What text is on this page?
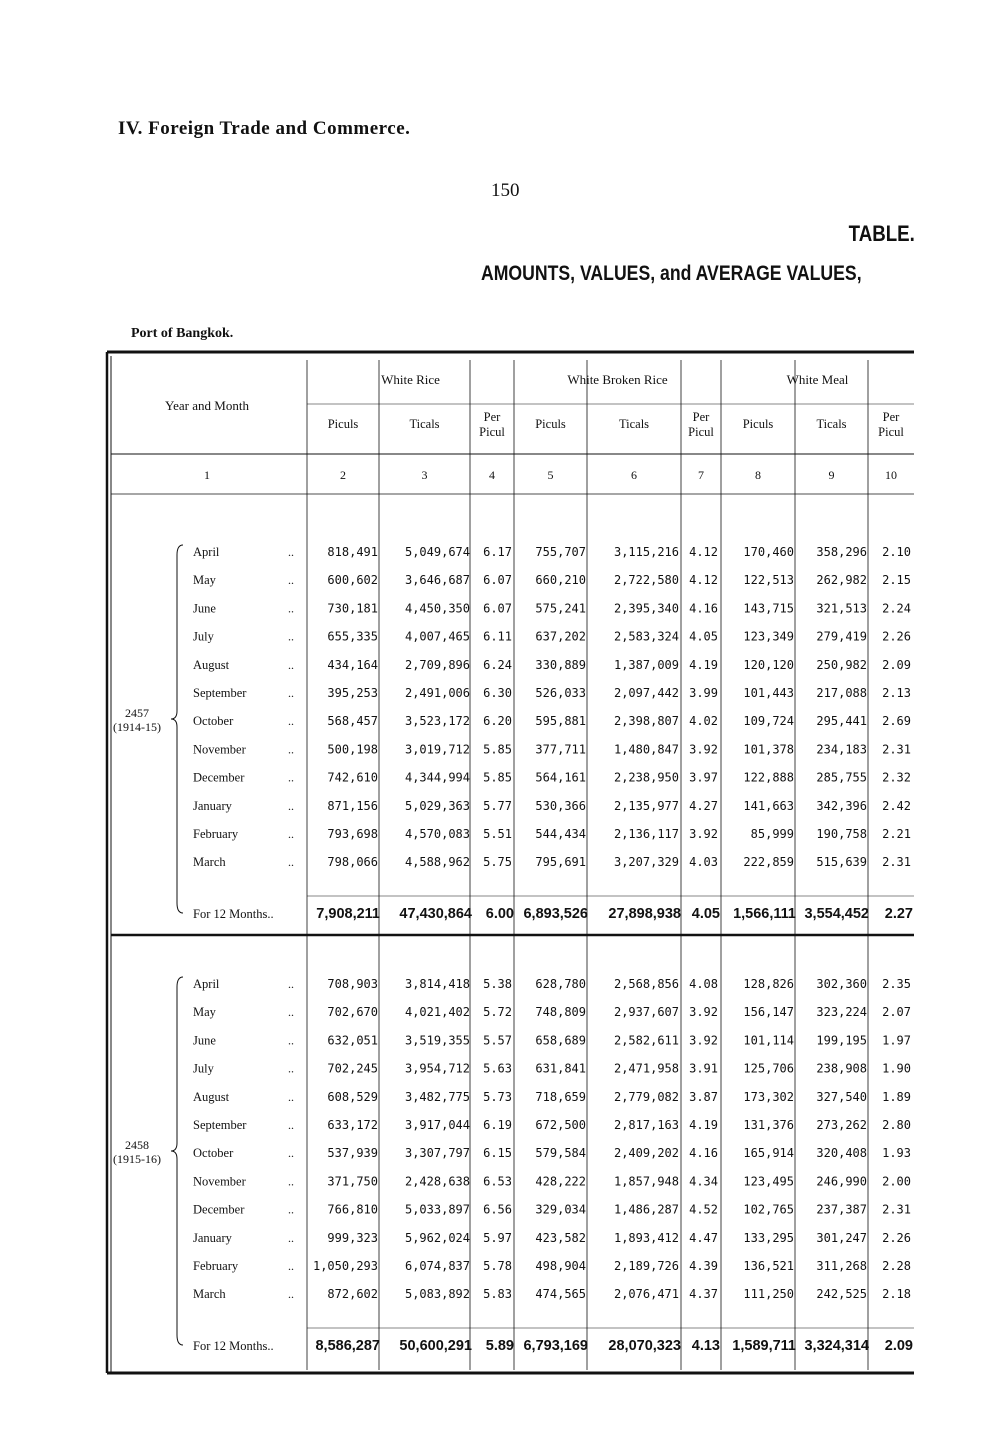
IV. Foreign Trade and Commerce.
150
TABLE.
AMOUNTS, VALUES, and AVERAGE VALUES,
Port of Bangkok.
Year and Month
White Rice	White Broken Rice	White Meal
Piculs	Ticals	Per
Picul
Piculs	Ticals	Per
Picul
Piculs	Ticals	Per
Picul
1	2	3	4	5	6	7	8	9	10
April	..	818,491 5,049,674 6.17 755,707 3,115,216 4.12 170,460 358,296 2.10
May	..	600,602 3,646,687 6.07 660,210 2,722,580 4.12 122,513 262,982 2.15
June	..	730,181 4,450,350 6.07 575,241 2,395,340 4.16 143,715 321,513 2.24
July	..	655,335 4,007,465 6.11 637,202 2,583,324 4.05 123,349 279,419 2.26
August	..	434,164 2,709,896 6.24 330,889 1,387,009 4.19 120,120 250,982 2.09
September	..	395,253 2,491,006 6.30 526,033 2,097,442 3.99 101,443 217,088 2.13
October	..	568,457 3,523,172 6.20 595,881 2,398,807 4.02 109,724 295,441 2.69
November	..	500,198 3,019,712 5.85 377,711 1,480,847 3.92 101,378 234,183 2.31
December	..	742,610 4,344,994 5.85 564,161 2,238,950 3.97 122,888 285,755 2.32
January	..	871,156 5,029,363 5.77 530,366 2,135,977 4.27 141,663 342,396 2.42
February	..	793,698 4,570,083 5.51 544,434 2,136,117 3.92	85,999 190,758 2.21
March	..	798,066 4,588,962 5.75 795,691 3,207,329 4.03 222,859 515,639 2.31
For 12 Months..	7,908,211 47,430,864 6.00 6,893,526 27,898,938 4.05 1,566,111 3,554,452 2.27
2457
(1914-15)
April	..	708,903 3,814,418 5.38 628,780 2,568,856 4.08 128,826 302,360 2.35
May	..	702,670 4,021,402 5.72 748,809 2,937,607 3.92 156,147 323,224 2.07
June	..	632,051 3,519,355 5.57 658,689 2,582,611 3.92 101,114 199,195 1.97
July	..	702,245 3,954,712 5.63 631,841 2,471,958 3.91 125,706 238,908 1.90
August	..	608,529 3,482,775 5.73 718,659 2,779,082 3.87 173,302 327,540 1.89
September	..	633,172 3,917,044 6.19 672,500 2,817,163 4.19 131,376 273,262 2.80
October	..	537,939 3,307,797 6.15 579,584 2,409,202 4.16 165,914 320,408 1.93
November	..	371,750 2,428,638 6.53 428,222 1,857,948 4.34 123,495 246,990 2.00
December	..	766,810 5,033,897 6.56 329,034 1,486,287 4.52 102,765 237,387 2.31
January	..	999,323 5,962,024 5.97 423,582 1,893,412 4.47 133,295 301,247 2.26
February	.. 1,050,293 6,074,837 5.78 498,904 2,189,726 4.39 136,521 311,268 2.28
March	..	872,602 5,083,892 5.83 474,565 2,076,471 4.37 111,250 242,525 2.18
For 12 Months..	8,586,287 50,600,291 5.89 6,793,169 28,070,323 4.13 1,589,711 3,324,314 2.09
2458
(1915-16)
